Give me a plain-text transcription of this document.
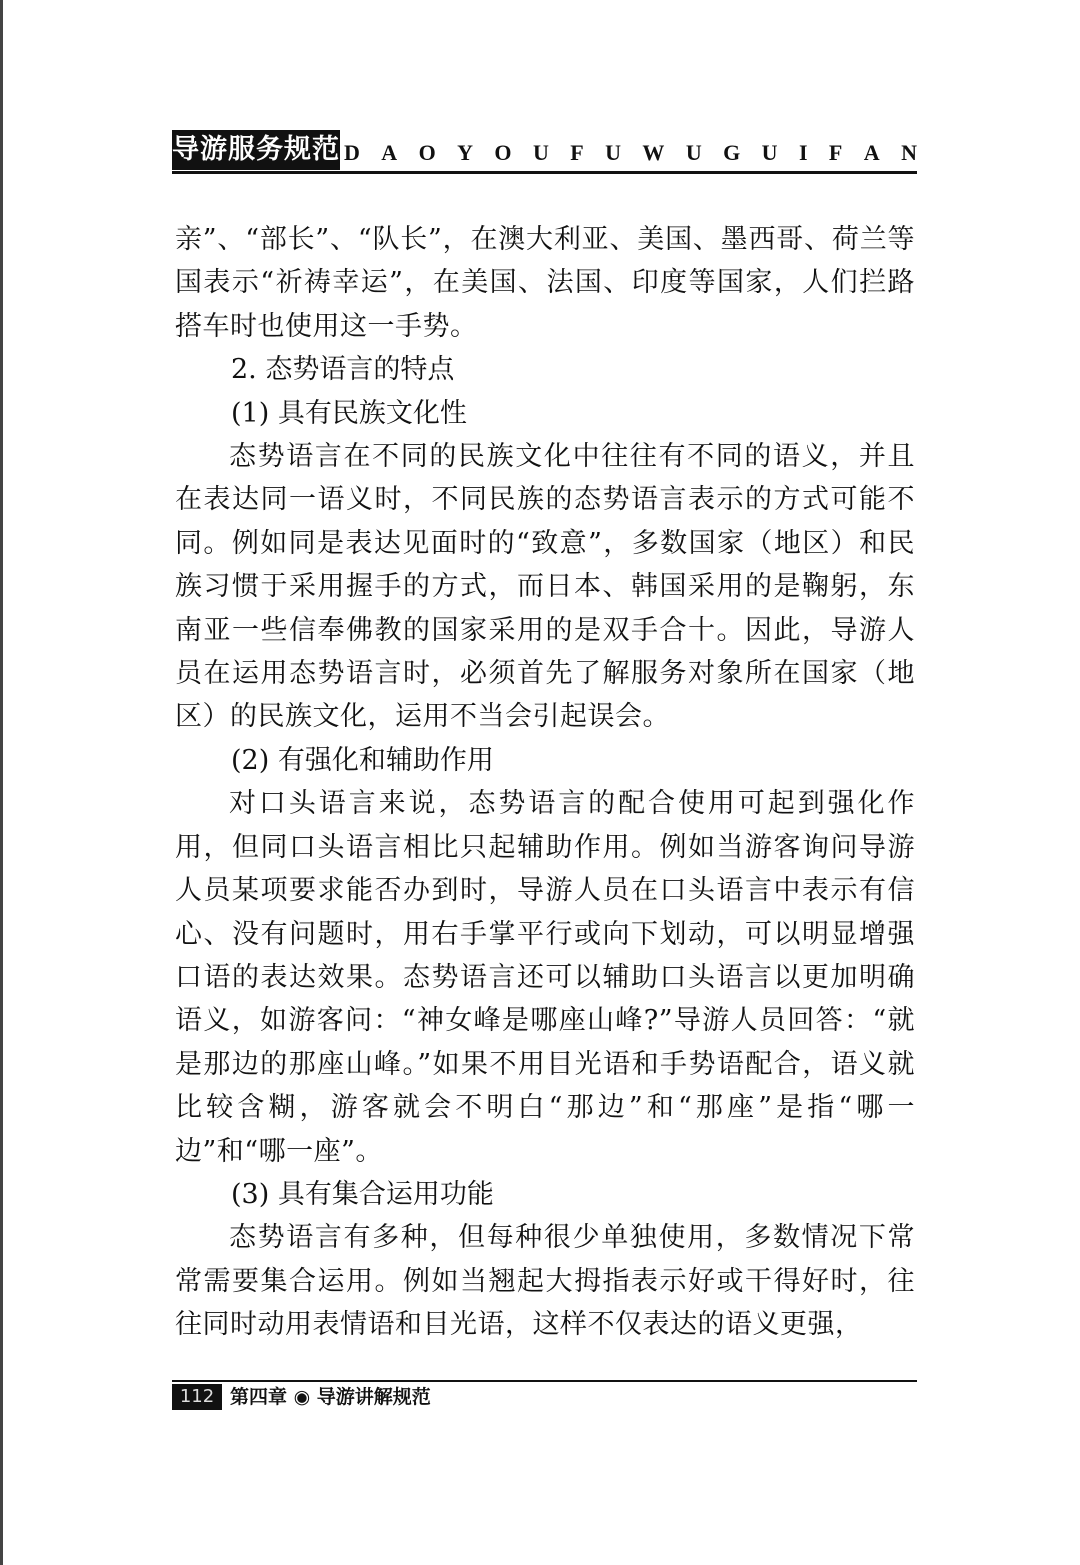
导游服务规范 D A O Y O U F U W U G U I F A N

亲”、“部长”、“队长”，在澳大利亚、美国、墨西哥、荷兰等国表示“祈祷幸运”，在美国、法国、印度等国家，人们拦路搭车时也使用这一手势。

2. 态势语言的特点

(1) 具有民族文化性

态势语言在不同的民族文化中往往有不同的语义，并且在表达同一语义时，不同民族的态势语言表示的方式可能不同。例如同是表达见面时的“致意”，多数国家（地区）和民族习惯于采用握手的方式，而日本、韩国采用的是鞠躬，东南亚一些信奉佛教的国家采用的是双手合十。因此，导游人员在运用态势语言时，必须首先了解服务对象所在国家（地区）的民族文化，运用不当会引起误会。

(2) 有强化和辅助作用

对口头语言来说，态势语言的配合使用可起到强化作用，但同口头语言相比只起辅助作用。例如当游客询问导游人员某项要求能否办到时，导游人员在口头语言中表示有信心、没有问题时，用右手掌平行或向下划动，可以明显增强口语的表达效果。态势语言还可以辅助口头语言以更加明确语义，如游客问：“神女峰是哪座山峰?”导游人员回答：“就是那边的那座山峰。”如果不用目光语和手势语配合，语义就比较含糊，游客就会不明白“那边”和“那座”是指“哪一边”和“哪一座”。

(3) 具有集合运用功能

态势语言有多种，但每种很少单独使用，多数情况下常常需要集合运用。例如当翘起大拇指表示好或干得好时，往往同时动用表情语和目光语，这样不仅表达的语义更强，

112 第四章 ◉ 导游讲解规范
